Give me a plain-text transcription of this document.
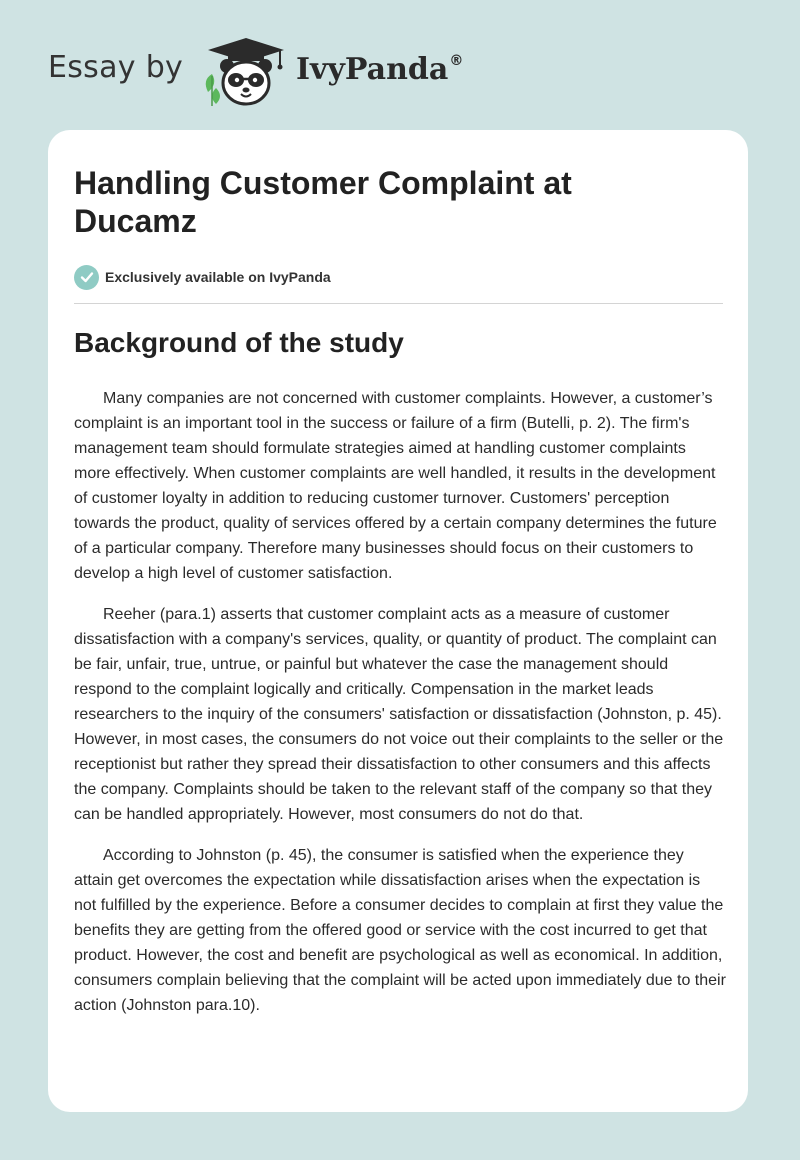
Essay by	IvyPanda®
Handling Customer Complaint at Ducamz
Exclusively available on IvyPanda
Background of the study

Many companies are not concerned with customer complaints. However, a customer’s complaint is an important tool in the success or failure of a firm (Butelli, p. 2). The firm's management team should formulate strategies aimed at handling customer complaints more effectively. When customer complaints are well handled, it results in the development of customer loyalty in addition to reducing customer turnover. Customers' perception towards the product, quality of services offered by a certain company determines the future of a particular company. Therefore many businesses should focus on their customers to develop a high level of customer satisfaction.

Reeher (para.1) asserts that customer complaint acts as a measure of customer dissatisfaction with a company's services, quality, or quantity of product. The complaint can be fair, unfair, true, untrue, or painful but whatever the case the management should respond to the complaint logically and critically. Compensation in the market leads researchers to the inquiry of the consumers' satisfaction or dissatisfaction (Johnston, p. 45). However, in most cases, the consumers do not voice out their complaints to the seller or the receptionist but rather they spread their dissatisfaction to other consumers and this affects the company. Complaints should be taken to the relevant staff of the company so that they can be handled appropriately. However, most consumers do not do that.

According to Johnston (p. 45), the consumer is satisfied when the experience they attain get overcomes the expectation while dissatisfaction arises when the expectation is not fulfilled by the experience. Before a consumer decides to complain at first they value the benefits they are getting from the offered good or service with the cost incurred to get that product. However, the cost and benefit are psychological as well as economical. In addition, consumers complain believing that the complaint will be acted upon immediately due to their action (Johnston para.10).
